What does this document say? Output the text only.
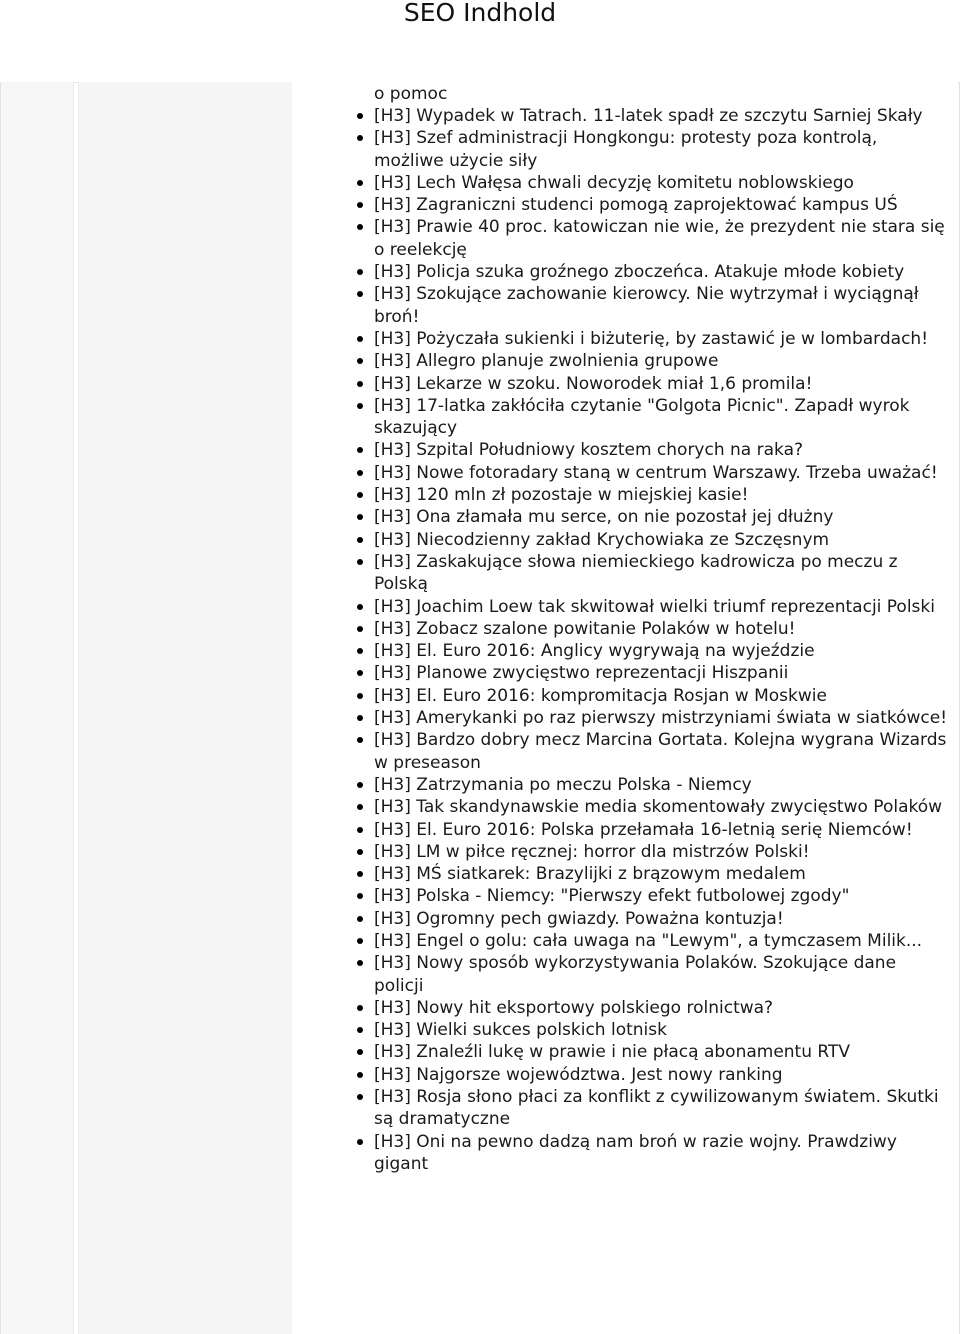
SEO Indhold

o pomoc

[H3] Wypadek w Tatrach. 11-latek spadł ze szczytu Sarniej Skały
[H3] Szef administracji Hongkongu: protesty poza kontrolą, możliwe użycie siły
[H3] Lech Wałęsa chwali decyzję komitetu noblowskiego
[H3] Zagraniczni studenci pomogą zaprojektować kampus UŚ
[H3] Prawie 40 proc. katowiczan nie wie, że prezydent nie stara się o reelekcję
[H3] Policja szuka groźnego zboczeńca. Atakuje młode kobiety
[H3] Szokujące zachowanie kierowcy. Nie wytrzymał i wyciągnął broń!
[H3] Pożyczała sukienki i biżuterię, by zastawić je w lombardach!
[H3] Allegro planuje zwolnienia grupowe
[H3] Lekarze w szoku. Noworodek miał 1,6 promila!
[H3] 17-latka zakłóciła czytanie "Golgota Picnic". Zapadł wyrok skazujący
[H3] Szpital Południowy kosztem chorych na raka?
[H3] Nowe fotoradary staną w centrum Warszawy. Trzeba uważać!
[H3] 120 mln zł pozostaje w miejskiej kasie!
[H3] Ona złamała mu serce, on nie pozostał jej dłużny
[H3] Niecodzienny zakład Krychowiaka ze Szczęsnym
[H3] Zaskakujące słowa niemieckiego kadrowicza po meczu z Polską
[H3] Joachim Loew tak skwitował wielki triumf reprezentacji Polski
[H3] Zobacz szalone powitanie Polaków w hotelu!
[H3] El. Euro 2016: Anglicy wygrywają na wyjeździe
[H3] Planowe zwycięstwo reprezentacji Hiszpanii
[H3] El. Euro 2016: kompromitacja Rosjan w Moskwie
[H3] Amerykanki po raz pierwszy mistrzyniami świata w siatkówce!
[H3] Bardzo dobry mecz Marcina Gortata. Kolejna wygrana Wizards w preseason
[H3] Zatrzymania po meczu Polska - Niemcy
[H3] Tak skandynawskie media skomentowały zwycięstwo Polaków
[H3] El. Euro 2016: Polska przełamała 16-letnią serię Niemców!
[H3] LM w piłce ręcznej: horror dla mistrzów Polski!
[H3] MŚ siatkarek: Brazylijki z brązowym medalem
[H3] Polska - Niemcy: "Pierwszy efekt futbolowej zgody"
[H3] Ogromny pech gwiazdy. Poważna kontuzja!
[H3] Engel o golu: cała uwaga na "Lewym", a tymczasem Milik...
[H3] Nowy sposób wykorzystywania Polaków. Szokujące dane policji
[H3] Nowy hit eksportowy polskiego rolnictwa?
[H3] Wielki sukces polskich lotnisk
[H3] Znaleźli lukę w prawie i nie płacą abonamentu RTV
[H3] Najgorsze województwa. Jest nowy ranking
[H3] Rosja słono płaci za konflikt z cywilizowanym światem. Skutki są dramatyczne
[H3] Oni na pewno dadzą nam broń w razie wojny. Prawdziwy gigant
